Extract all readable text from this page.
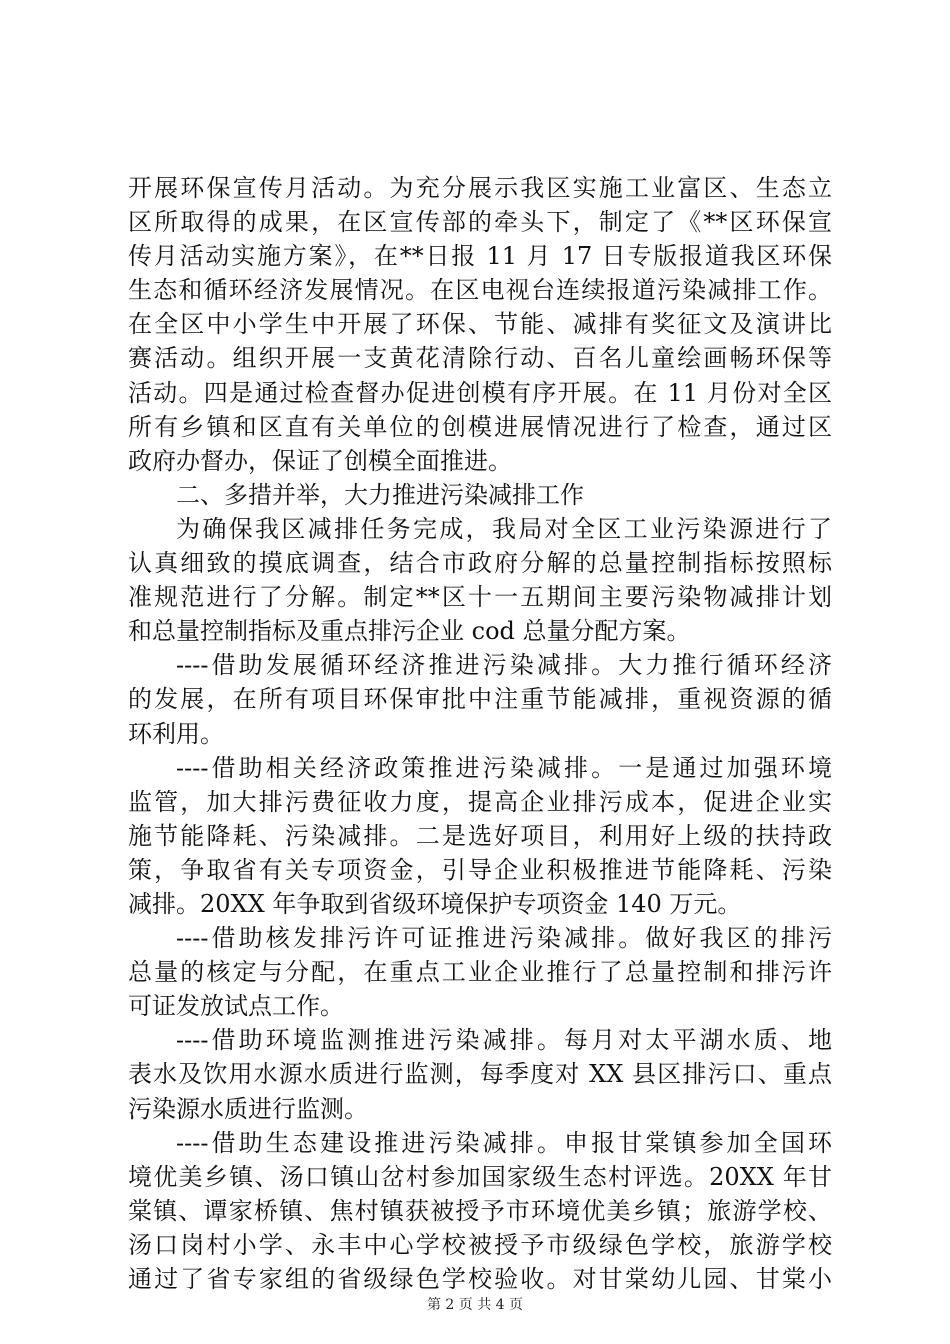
开展环保宣传月活动。为充分展示我区实施工业富区、生态立
区所取得的成果，在区宣传部的牵头下，制定了《**区环保宣
传月活动实施方案》，在**日报 11 月 17 日专版报道我区环保
生态和循环经济发展情况。在区电视台连续报道污染减排工作。
在全区中小学生中开展了环保、节能、减排有奖征文及演讲比
赛活动。组织开展一支黄花清除行动、百名儿童绘画畅环保等
活动。四是通过检查督办促进创模有序开展。在 11 月份对全区
所有乡镇和区直有关单位的创模进展情况进行了检查，通过区
政府办督办，保证了创模全面推进。
二、多措并举，大力推进污染减排工作
为确保我区减排任务完成，我局对全区工业污染源进行了
认真细致的摸底调查，结合市政府分解的总量控制指标按照标
准规范进行了分解。制定**区十一五期间主要污染物减排计划
和总量控制指标及重点排污企业 cod 总量分配方案。
----借助发展循环经济推进污染减排。大力推行循环经济
的发展，在所有项目环保审批中注重节能减排，重视资源的循
环利用。
----借助相关经济政策推进污染减排。一是通过加强环境
监管，加大排污费征收力度，提高企业排污成本，促进企业实
施节能降耗、污染减排。二是选好项目，利用好上级的扶持政
策，争取省有关专项资金，引导企业积极推进节能降耗、污染
减排。20XX 年争取到省级环境保护专项资金 140 万元。
----借助核发排污许可证推进污染减排。做好我区的排污
总量的核定与分配，在重点工业企业推行了总量控制和排污许
可证发放试点工作。
----借助环境监测推进污染减排。每月对太平湖水质、地
表水及饮用水源水质进行监测，每季度对 XX 县区排污口、重点
污染源水质进行监测。
----借助生态建设推进污染减排。申报甘棠镇参加全国环
境优美乡镇、汤口镇山岔村参加国家级生态村评选。20XX 年甘
棠镇、谭家桥镇、焦村镇获被授予市环境优美乡镇；旅游学校、
汤口岗村小学、永丰中心学校被授予市级绿色学校，旅游学校
通过了省专家组的省级绿色学校验收。对甘棠幼儿园、甘棠小
第 2 页 共 4 页
